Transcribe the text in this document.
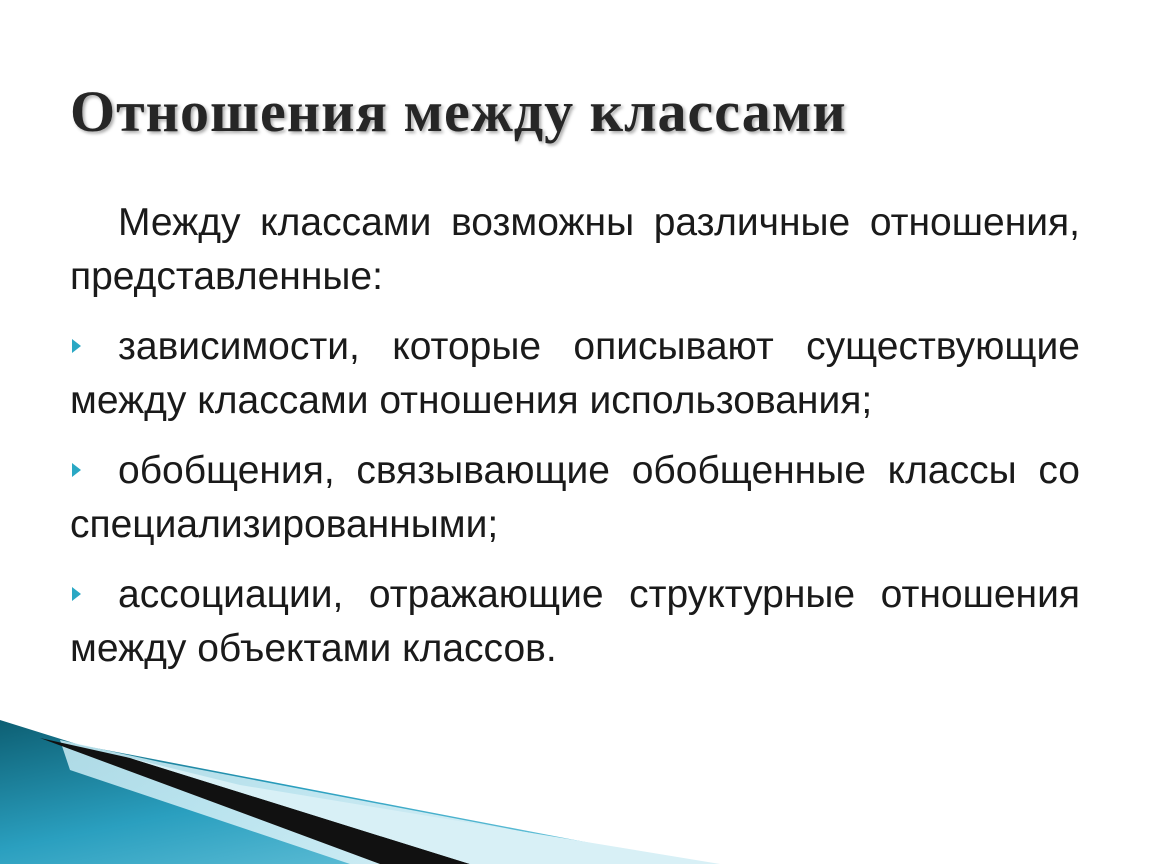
Отношения между классами

Между классами возможны различные отношения, представленные:

зависимости, которые описывают существующие между классами отношения использования;

обобщения, связывающие обобщенные классы со специализированными;

ассоциации, отражающие структурные отношения между объектами классов.
